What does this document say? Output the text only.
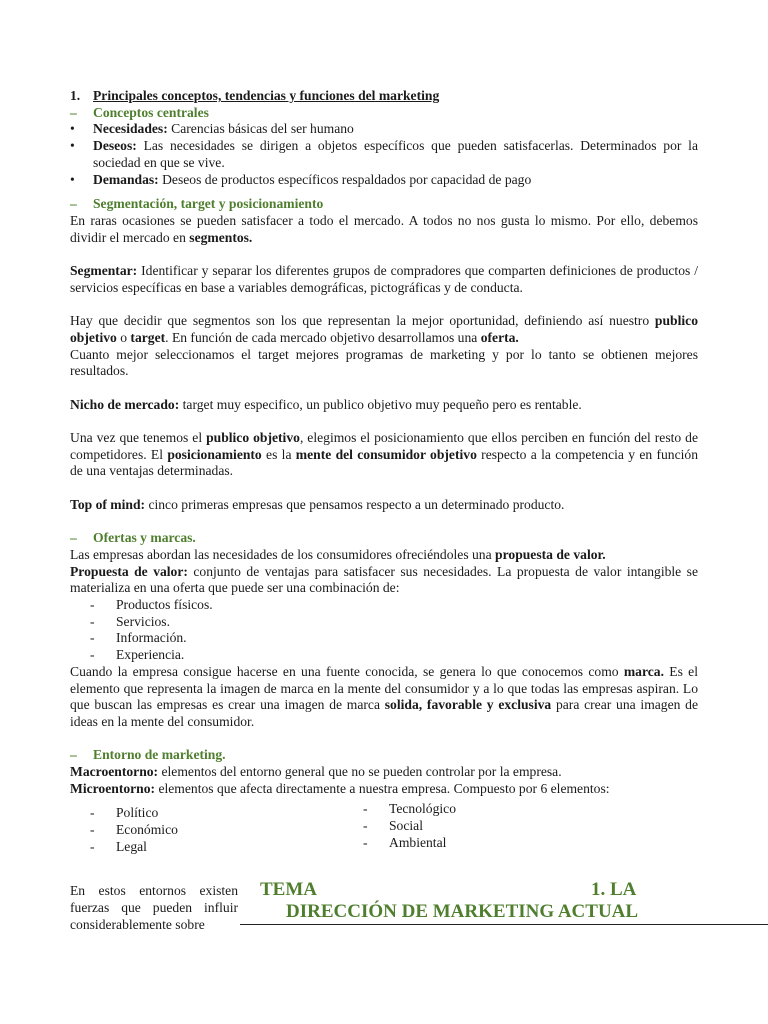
1. Principales conceptos, tendencias y funciones del marketing
–	Conceptos centrales
•	Necesidades: Carencias básicas del ser humano
•	Deseos: Las necesidades se dirigen a objetos específicos que pueden satisfacerlas. Determinados por la sociedad en que se vive.
•	Demandas: Deseos de productos específicos respaldados por capacidad de pago
–	Segmentación, target y posicionamiento
En raras ocasiones se pueden satisfacer a todo el mercado. A todos no nos gusta lo mismo. Por ello, debemos dividir el mercado en segmentos.
Segmentar: Identificar y separar los diferentes grupos de compradores que comparten definiciones de productos / servicios específicas en base a variables demográficas, pictográficas y de conducta.
Hay que decidir que segmentos son los que representan la mejor oportunidad, definiendo así nuestro publico objetivo o target. En función de cada mercado objetivo desarrollamos una oferta.
Cuanto mejor seleccionamos el target mejores programas de marketing y por lo tanto se obtienen mejores resultados.
Nicho de mercado: target muy especifico, un publico objetivo muy pequeño pero es rentable.
Una vez que tenemos el publico objetivo, elegimos el posicionamiento que ellos perciben en función del resto de competidores. El posicionamiento es la mente del consumidor objetivo respecto a la competencia y en función de una ventajas determinadas.
Top of mind: cinco primeras empresas que pensamos respecto a un determinado producto.
–	Ofertas y marcas.
Las empresas abordan las necesidades de los consumidores ofreciéndoles una propuesta de valor.
Propuesta de valor: conjunto de ventajas para satisfacer sus necesidades. La propuesta de valor intangible se materializa en una oferta que puede ser una combinación de:
-	Productos físicos.
-	Servicios.
-	Información.
-	Experiencia.
Cuando la empresa consigue hacerse en una fuente conocida, se genera lo que conocemos como marca. Es el elemento que representa la imagen de marca en la mente del consumidor y a lo que todas las empresas aspiran. Lo que buscan las empresas es crear una imagen de marca solida, favorable y exclusiva para crear una imagen de ideas en la mente del consumidor.
–	Entorno de marketing.
Macroentorno: elementos del entorno general que no se pueden controlar por la empresa.
Microentorno: elementos que afecta directamente a nuestra empresa. Compuesto por 6 elementos:
-	Político
-	Económico
-	Legal
-	Tecnológico
-	Social
-	Ambiental
En estos entornos existen fuerzas que pueden influir considerablemente sobre
TEMA	1. LA
DIRECCIÓN DE MARKETING ACTUAL
